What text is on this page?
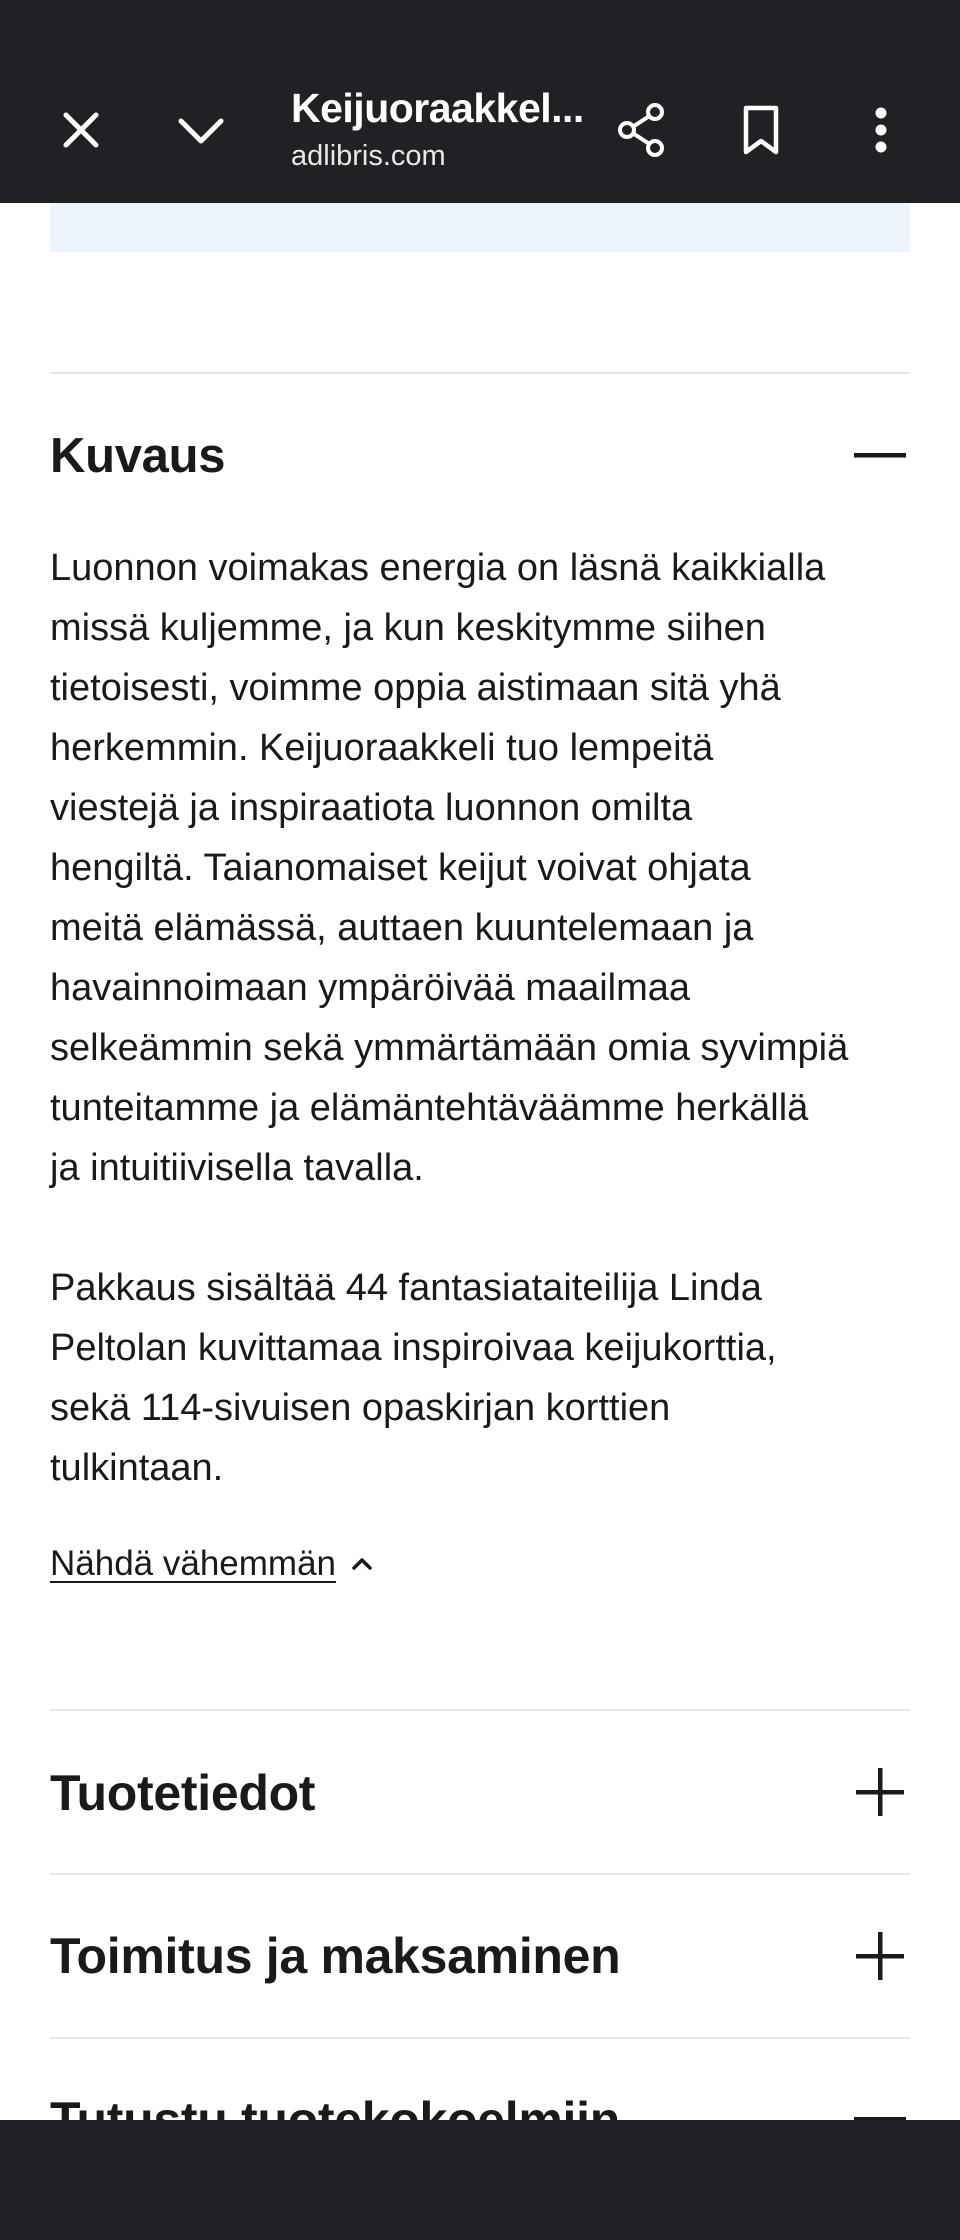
Kuvaus

Luonnon voimakas energia on läsnä kaikkialla
missä kuljemme, ja kun keskitymme siihen
tietoisesti, voimme oppia aistimaan sitä yhä
herkemmin. Keijuoraakkeli tuo lempeitä
viestejä ja inspiraatiota luonnon omilta
hengiltä. Taianomaiset keijut voivat ohjata
meitä elämässä, auttaen kuuntelemaan ja
havainnoimaan ympäröivää maailmaa
selkeämmin sekä ymmärtämään omia syvimpiä
tunteitamme ja elämäntehtäväämme herkällä
ja intuitiivisella tavalla.

Pakkaus sisältää 44 fantasiataiteilija Linda
Peltolan kuvittamaa inspiroivaa keijukorttia,
sekä 114-sivuisen opaskirjan korttien
tulkintaan.

Nähdä vähemmän
Tuotetiedot
Toimitus ja maksaminen
Keijuoraakkel...
adlibris.com
